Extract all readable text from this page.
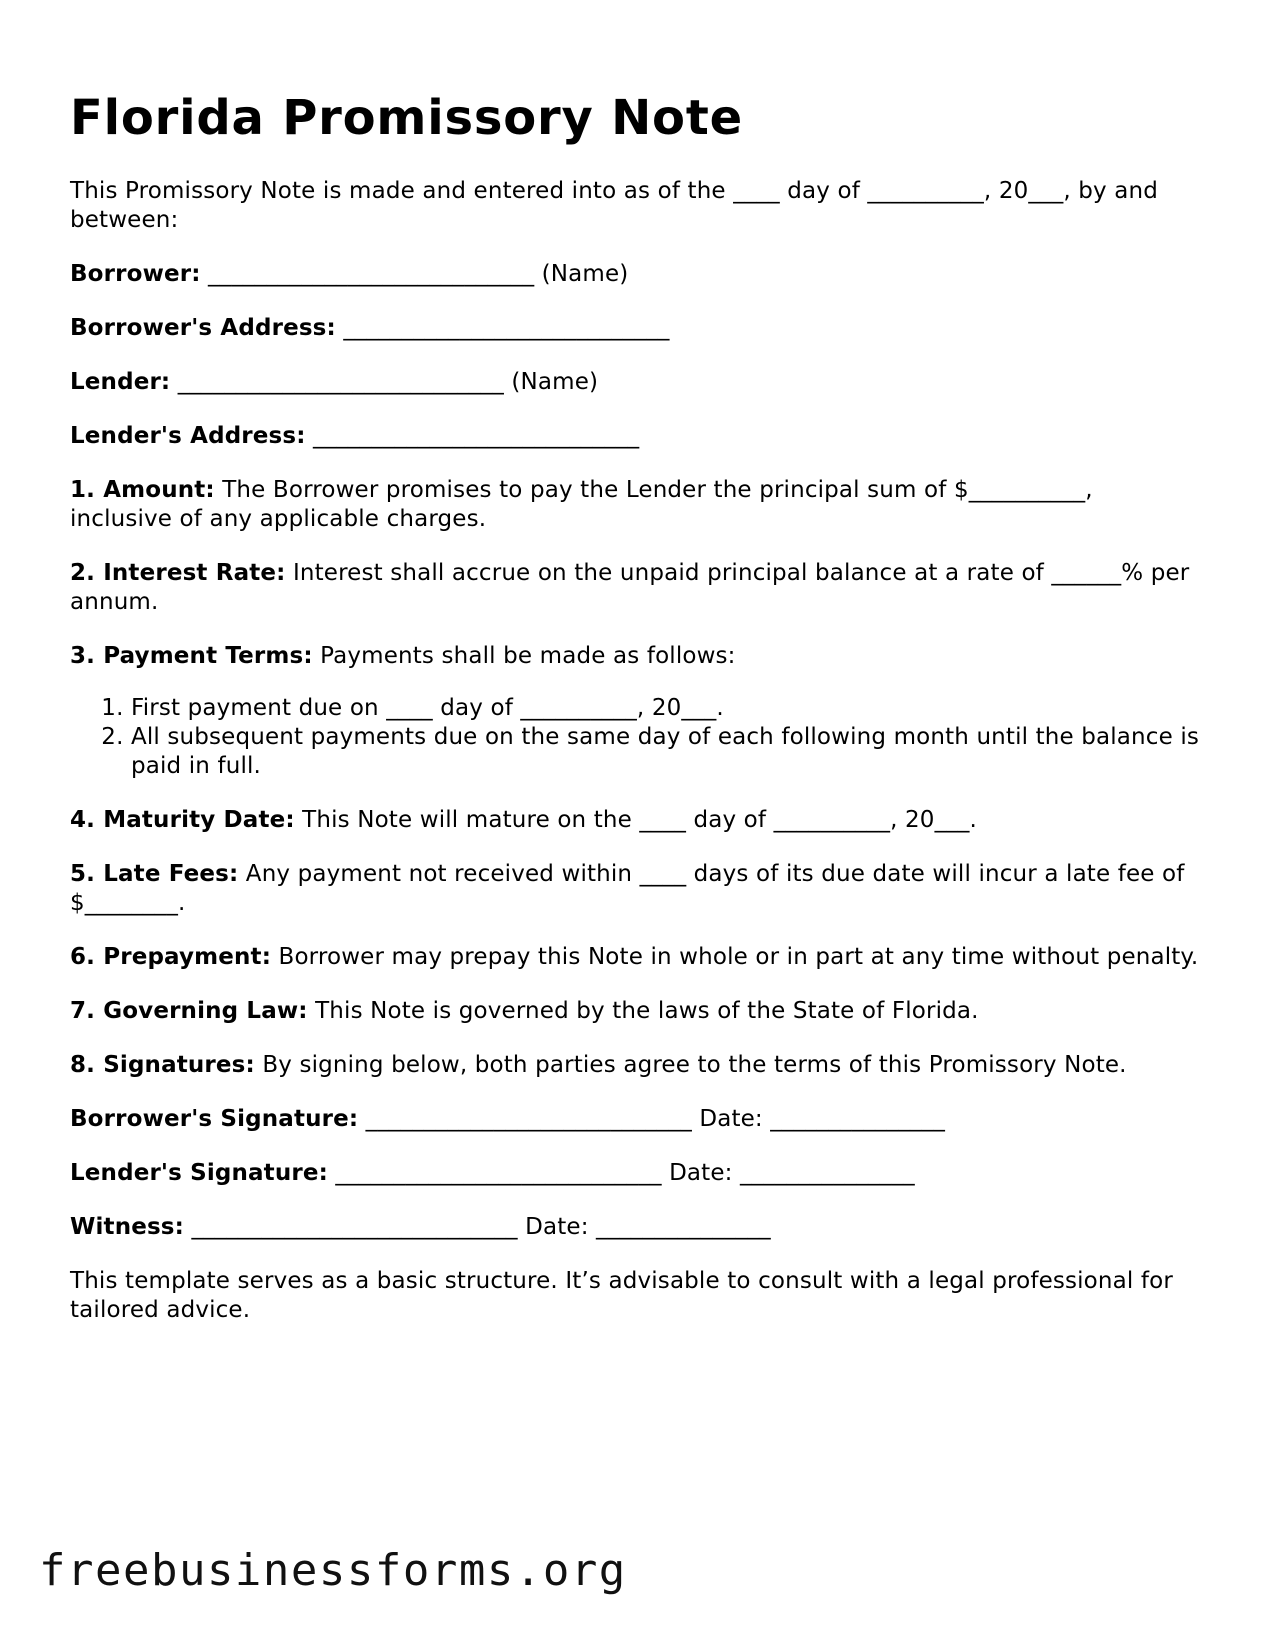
Florida Promissory Note

This Promissory Note is made and entered into as of the ____ day of __________, 20___, by and between:

Borrower: ____________________________ (Name)

Borrower's Address: ____________________________

Lender: ____________________________ (Name)

Lender's Address: ____________________________

1. Amount: The Borrower promises to pay the Lender the principal sum of $__________, inclusive of any applicable charges.

2. Interest Rate: Interest shall accrue on the unpaid principal balance at a rate of ______% per annum.

3. Payment Terms: Payments shall be made as follows:

1. First payment due on ____ day of __________, 20___.
2. All subsequent payments due on the same day of each following month until the balance is paid in full.

4. Maturity Date: This Note will mature on the ____ day of __________, 20___.

5. Late Fees: Any payment not received within ____ days of its due date will incur a late fee of $________.

6. Prepayment: Borrower may prepay this Note in whole or in part at any time without penalty.

7. Governing Law: This Note is governed by the laws of the State of Florida.

8. Signatures: By signing below, both parties agree to the terms of this Promissory Note.

Borrower's Signature: ____________________________ Date: _______________

Lender's Signature: ____________________________ Date: _______________

Witness: ____________________________ Date: _______________

This template serves as a basic structure. It’s advisable to consult with a legal professional for tailored advice.

freebusinessforms.org
